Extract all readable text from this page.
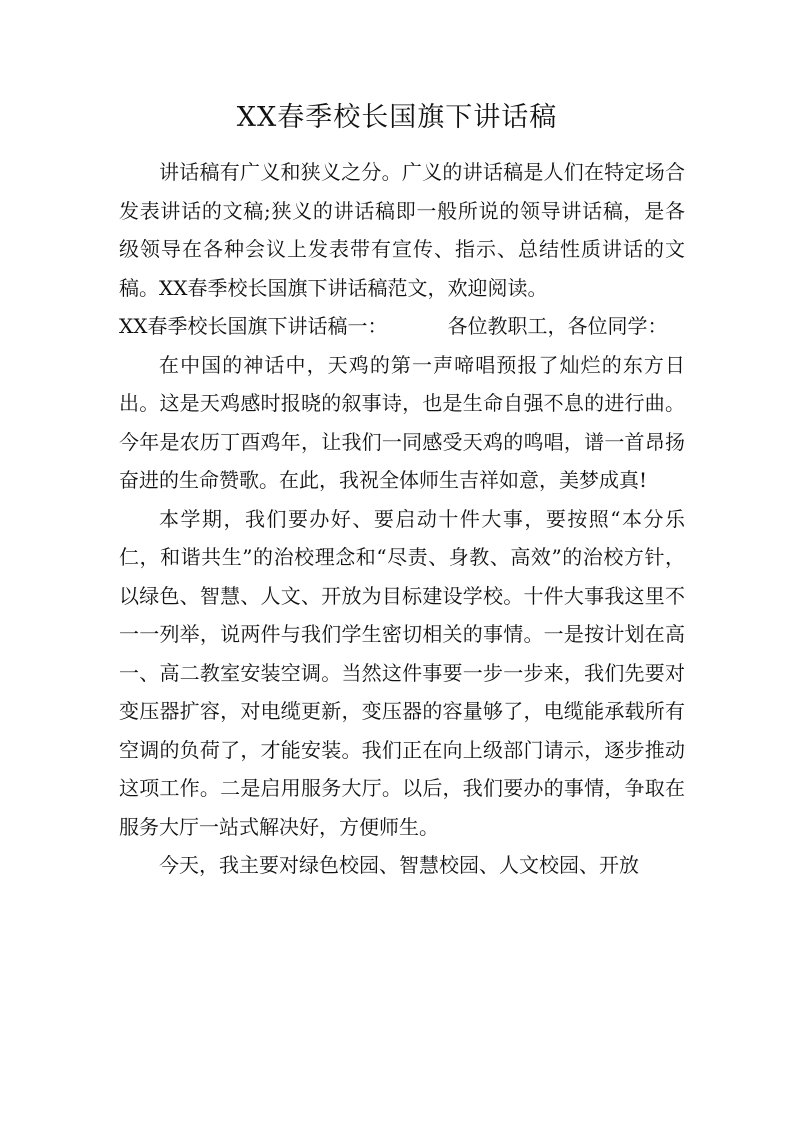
XX春季校长国旗下讲话稿

讲话稿有广义和狭义之分。广义的讲话稿是人们在特定场合发表讲话的文稿;狭义的讲话稿即一般所说的领导讲话稿，是各级领导在各种会议上发表带有宣传、指示、总结性质讲话的文稿。XX春季校长国旗下讲话稿范文，欢迎阅读。

XX春季校长国旗下讲话稿一：	各位教职工，各位同学：

在中国的神话中，天鸡的第一声啼唱预报了灿烂的东方日出。这是天鸡感时报晓的叙事诗，也是生命自强不息的进行曲。今年是农历丁酉鸡年，让我们一同感受天鸡的鸣唱，谱一首昂扬奋进的生命赞歌。在此，我祝全体师生吉祥如意，美梦成真!

本学期，我们要办好、要启动十件大事，要按照“本分乐仁，和谐共生”的治校理念和“尽责、身教、高效”的治校方针，以绿色、智慧、人文、开放为目标建设学校。十件大事我这里不一一列举，说两件与我们学生密切相关的事情。一是按计划在高一、高二教室安装空调。当然这件事要一步一步来，我们先要对变压器扩容，对电缆更新，变压器的容量够了，电缆能承载所有空调的负荷了，才能安装。我们正在向上级部门请示，逐步推动这项工作。二是启用服务大厅。以后，我们要办的事情，争取在服务大厅一站式解决好，方便师生。

今天，我主要对绿色校园、智慧校园、人文校园、开放
